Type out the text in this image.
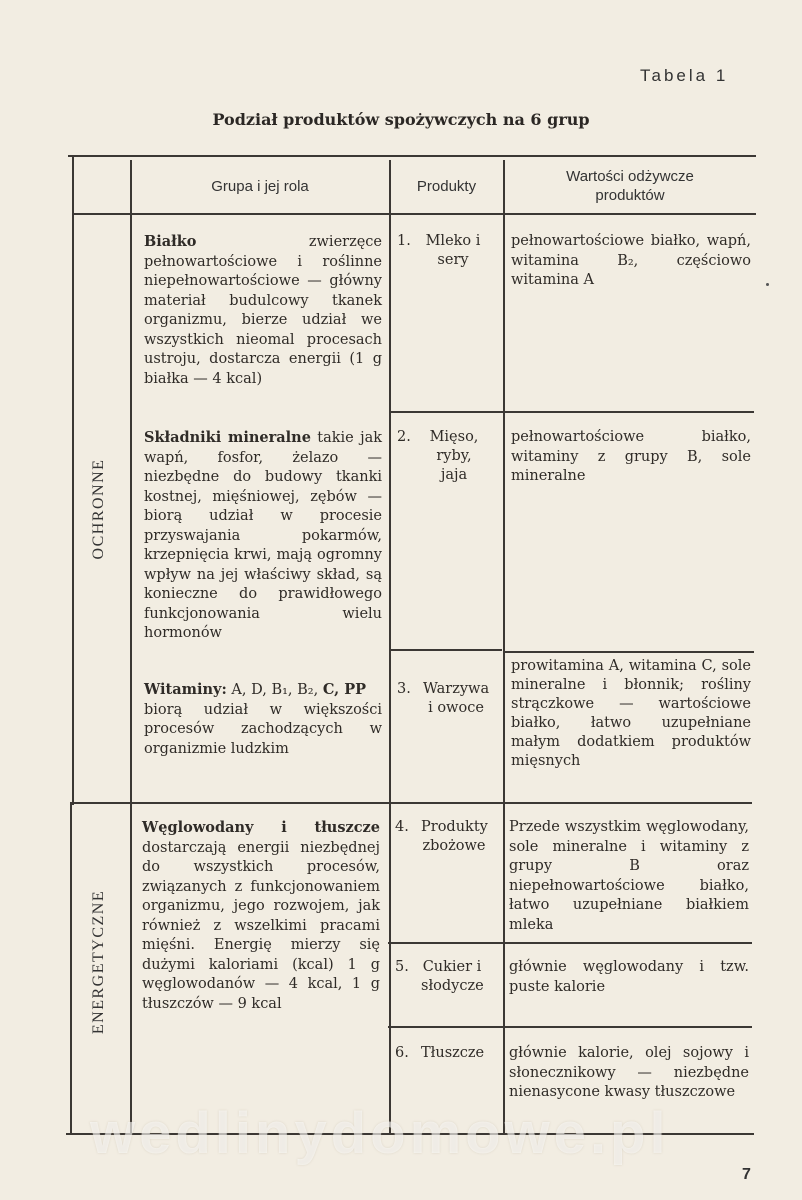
Tabela 1
Podział produktów spożywczych na 6 grup
Grupa i jej rola	Produkty
Wartości odżywcze produktów
OCHRONNE
ENERGETYCZNE
Białko zwierzęce pełnowartościowe i roślinne niepełnowartościowe — główny materiał budulcowy tkanek organizmu, bierze udział we wszystkich nieomal procesach ustroju, dostarcza energii (1 g białka — 4 kcal)
Składniki mineralne takie jak wapń, fosfor, żelazo — niezbędne do budowy tkanki kostnej, mięśniowej, zębów — biorą udział w procesie przyswajania pokarmów, krzepnięcia krwi, mają ogromny wpływ na jej właściwy skład, są konieczne do prawidłowego funkcjonowania wielu hormonów
Witaminy: A, D, B₁, B₂, C, PP
biorą udział w większości procesów zachodzących w organizmie ludzkim
Węglowodany i tłuszcze dostarczają energii niezbędnej do wszystkich procesów, związanych z funkcjonowaniem organizmu, jego rozwojem, jak również z wszelkimi pracami mięśni. Energię mierzy się dużymi kaloriami (kcal) 1 g węglowodanów — 4 kcal, 1 g tłuszczów — 9 kcal
1. Mleko i sery
2. Mięso, ryby, jaja
3. Warzywa i owoce
4. Produkty zbożowe
5. Cukier i słodycze
6. Tłuszcze
pełnowartościowe białko, wapń, witamina B₂, częściowo witamina A
pełnowartościowe białko, witaminy z grupy B, sole mineralne
prowitamina A, witamina C, sole mineralne i błonnik; rośliny strączkowe — wartościowe białko, łatwo uzupełniane małym dodatkiem produktów mięsnych
Przede wszystkim węglowodany, sole mineralne i witaminy z grupy B oraz niepełnowartościowe białko, łatwo uzupełniane białkiem mleka
głównie węglowodany i tzw. puste kalorie
głównie kalorie, olej sojowy i słonecznikowy — niezbędne nienasycone kwasy tłuszczowe
wedlinydomowe.pl
7
